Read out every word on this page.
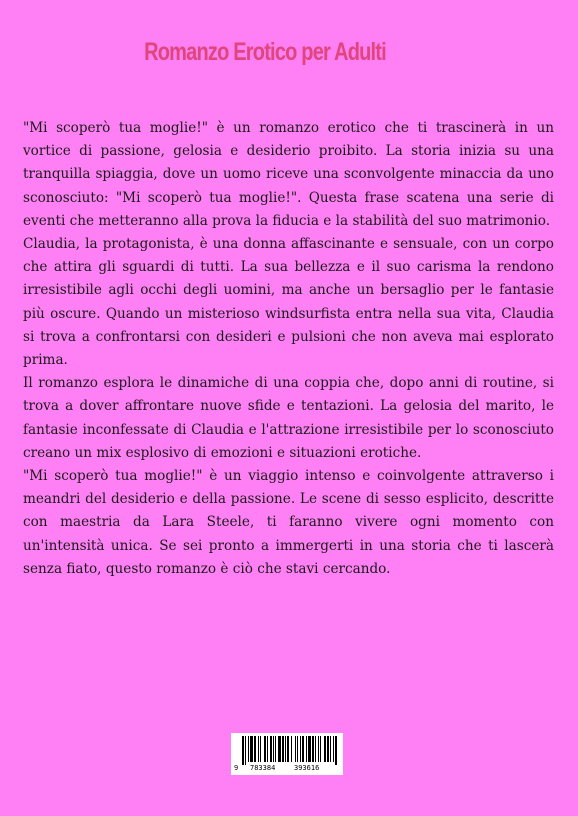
Romanzo Erotico per Adulti

"Mi scoperò tua moglie!" è un romanzo erotico che ti trascinerà in un vortice di passione, gelosia e desiderio proibito. La storia inizia su una tranquilla spiaggia, dove un uomo riceve una sconvolgente minaccia da uno sconosciuto: "Mi scoperò tua moglie!". Questa frase scatena una serie di eventi che metteranno alla prova la fiducia e la stabilità del suo matrimonio.

Claudia, la protagonista, è una donna affascinante e sensuale, con un corpo che attira gli sguardi di tutti. La sua bellezza e il suo carisma la rendono irresistibile agli occhi degli uomini, ma anche un bersaglio per le fantasie più oscure. Quando un misterioso windsurfista entra nella sua vita, Claudia si trova a confrontarsi con desideri e pulsioni che non aveva mai esplorato prima.

Il romanzo esplora le dinamiche di una coppia che, dopo anni di routine, si trova a dover affrontare nuove sfide e tentazioni. La gelosia del marito, le fantasie inconfessate di Claudia e l'attrazione irresistibile per lo sconosciuto creano un mix esplosivo di emozioni e situazioni erotiche.

"Mi scoperò tua moglie!" è un viaggio intenso e coinvolgente attraverso i meandri del desiderio e della passione. Le scene di sesso esplicito, descritte con maestria da Lara Steele, ti faranno vivere ogni momento con un'intensità unica. Se sei pronto a immergerti in una storia che ti lascerà senza fiato, questo romanzo è ciò che stavi cercando.

9

783384

	393616
